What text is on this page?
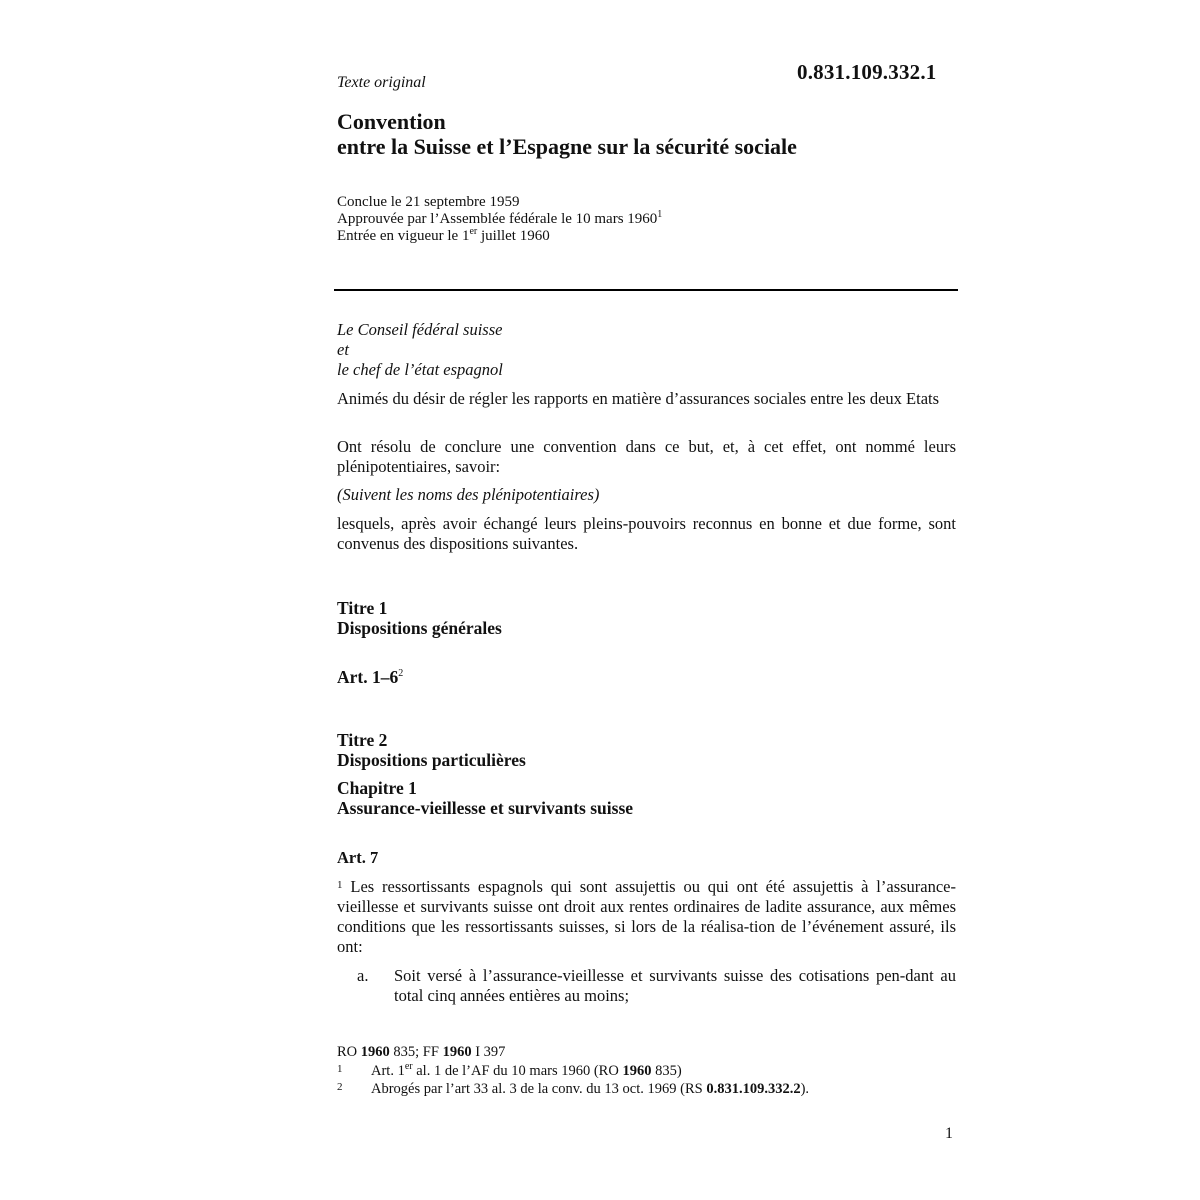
0.831.109.332.1
Texte original
Convention
entre la Suisse et l’Espagne sur la sécurité sociale
Conclue le 21 septembre 1959
Approuvée par l’Assemblée fédérale le 10 mars 1960$^1$
Entrée en vigueur le 1er juillet 1960
Le Conseil fédéral suisse
et
le chef de l’état espagnol
Animés du désir de régler les rapports en matière d’assurances sociales entre les deux Etats
Ont résolu de conclure une convention dans ce but, et, à cet effet, ont nommé leurs plénipotentiaires, savoir:
(Suivent les noms des plénipotentiaires)
lesquels, après avoir échangé leurs pleins-pouvoirs reconnus en bonne et due forme, sont convenus des dispositions suivantes.
Titre 1
Dispositions générales
Art. $1-6^2$
Titre 2
Dispositions particulières
Chapitre 1
Assurance-vieillesse et survivants suisse
Art. 7
$^1$ Les ressortissants espagnols qui sont assujettis ou qui ont été assujettis à l’assurance-vieillesse et survivants suisse ont droit aux rentes ordinaires de ladite assurance, aux mêmes conditions que les ressortissants suisses, si lors de la réalisa-tion de l’événement assuré, ils ont:
a. Soit versé à l’assurance-vieillesse et survivants suisse des cotisations pen-dant au total cinq années entières au moins;
RO 1960 835; FF 1960 I 397
1 Art. 1er al. 1 de l’AF du 10 mars 1960 (RO 1960 835)
2 Abrogés par l’art 33 al. 3 de la conv. du 13 oct. 1969 (RS 0.831.109.332.2).
1
